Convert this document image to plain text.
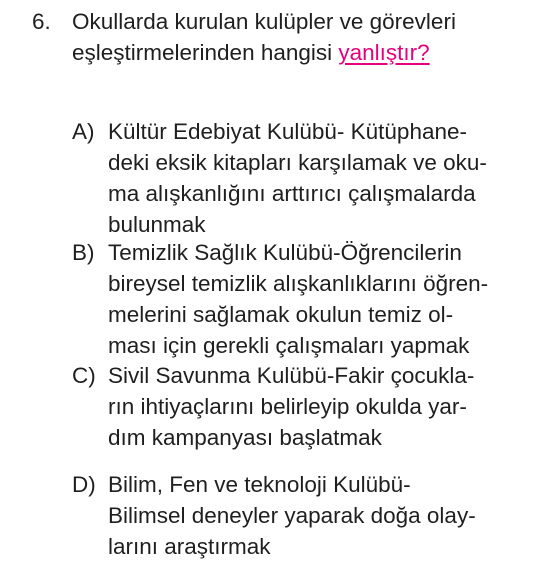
6. Okullarda kurulan kulüpler ve görevleri
eşleştirmelerinden hangisi yanlıştır?
A) Kültür Edebiyat Kulübü- Kütüphane-
deki eksik kitapları karşılamak ve oku-
ma alışkanlığını arttırıcı çalışmalarda
bulunmak
B) Temizlik Sağlık Kulübü-Öğrencilerin
bireysel temizlik alışkanlıklarını öğren-
melerini sağlamak okulun temiz ol-
ması için gerekli çalışmaları yapmak
C) Sivil Savunma Kulübü-Fakir çocukla-
rın ihtiyaçlarını belirleyip okulda yar-
dım kampanyası başlatmak
D) Bilim, Fen ve teknoloji Kulübü-
Bilimsel deneyler yaparak doğa olay-
larını araştırmak
